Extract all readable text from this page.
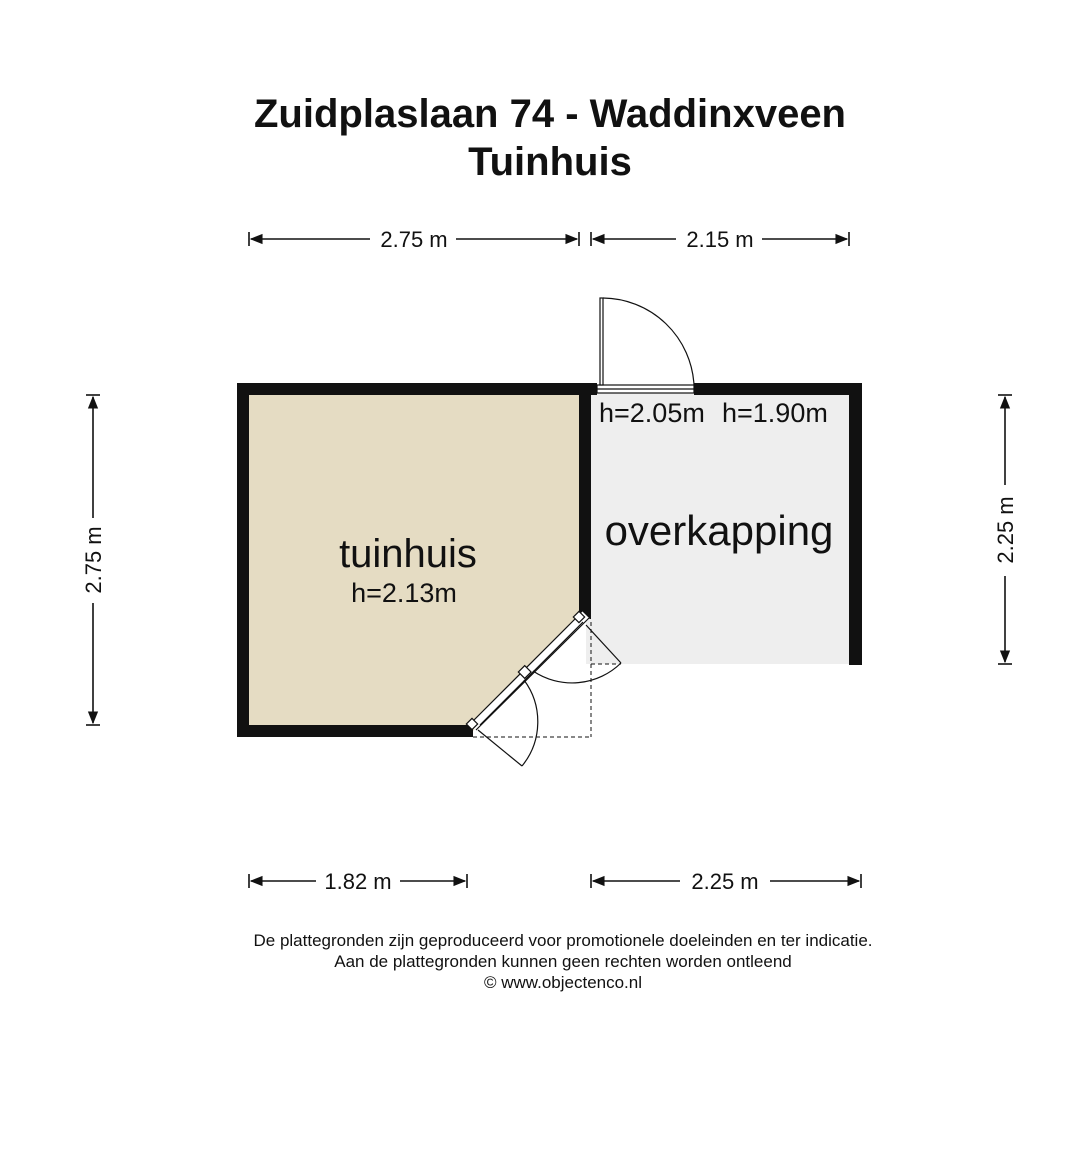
Zuidplaslaan 74 - Waddinxveen
Tuinhuis
2.75 m	2.15 m
2.75 m	2.25 m
1.82 m	2.25 m
tuinhuis
h=2.13m
overkapping
h=2.05m h=1.90m
De plattegronden zijn geproduceerd voor promotionele doeleinden en ter indicatie.
Aan de plattegronden kunnen geen rechten worden ontleend
© www.objectenco.nl
